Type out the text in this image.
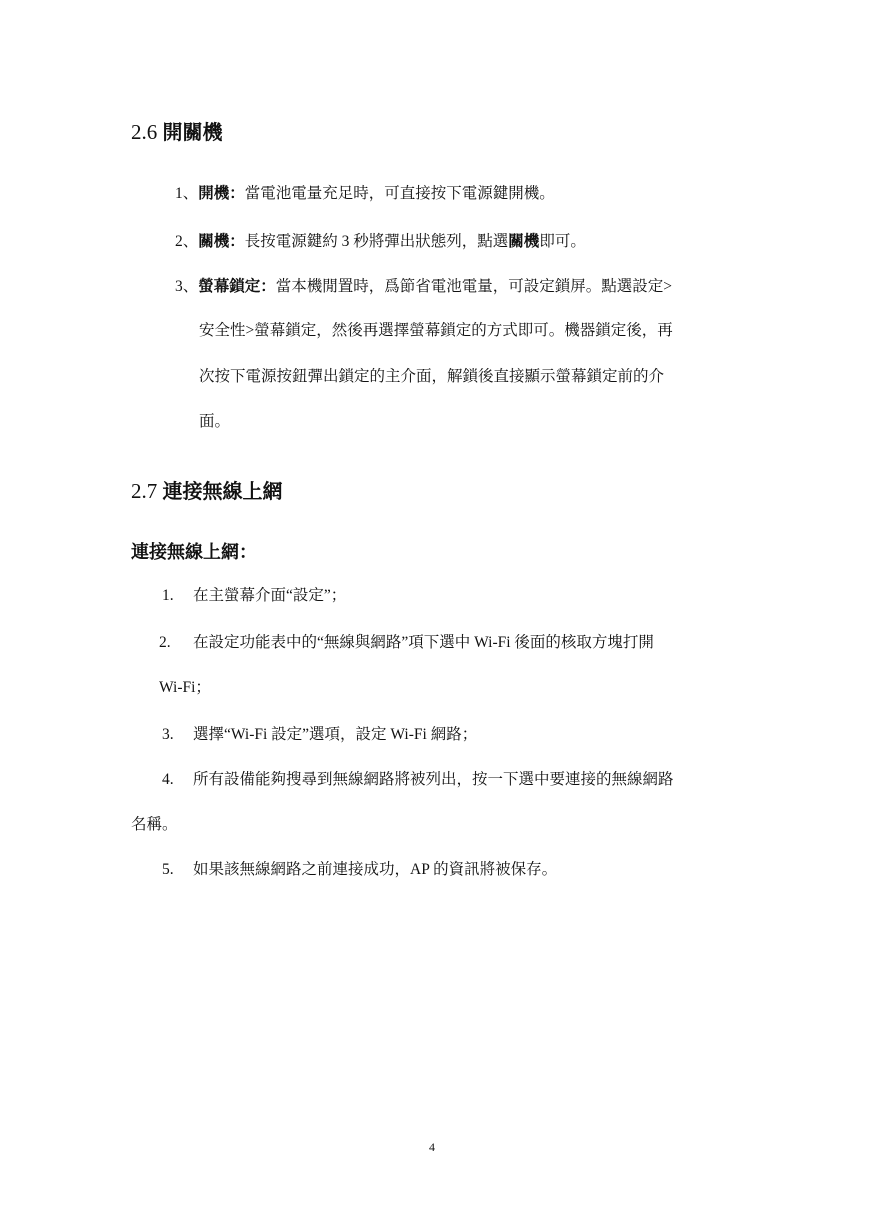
2.6 開關機
1、開機：當電池電量充足時，可直接按下電源鍵開機。
2、關機：長按電源鍵約 3 秒將彈出狀態列，點選關機即可。
3、螢幕鎖定：當本機閒置時，爲節省電池電量，可設定鎖屏。點選設定>
安全性>螢幕鎖定，然後再選擇螢幕鎖定的方式即可。機器鎖定後，再
次按下電源按鈕彈出鎖定的主介面，解鎖後直接顯示螢幕鎖定前的介
面。
2.7 連接無線上網
連接無線上網：
1. 在主螢幕介面“設定”；
2. 在設定功能表中的“無線與網路”項下選中 Wi-Fi 後面的核取方塊打開
Wi-Fi；
3. 選擇“Wi-Fi 設定”選項，設定 Wi-Fi 網路；
4. 所有設備能夠搜尋到無線網路將被列出，按一下選中要連接的無線網路
名稱。
5. 如果該無線網路之前連接成功，AP 的資訊將被保存。
4
